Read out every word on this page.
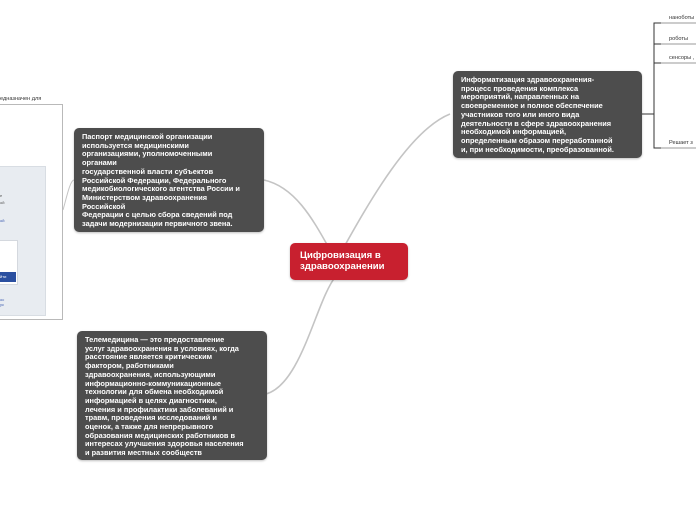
едназначен для
е
ой
ой
йти
ос
ус
Паспорт медицинской организации
используется медицинскими
организациями, уполномоченными
органами
государственной власти субъектов
Российской Федерации, Федерального
медикобиологического агентства России и
Министерством здравоохранения
Российской
Федерации с целью сбора сведений под
задачи модернизации первичного звена.
Телемедицина — это предоставление
услуг здравоохранения в условиях, когда
расстояние является критическим
фактором, работниками
здравоохранения, использующими
информационно-коммуникационные
технологии для обмена необходимой
информацией в целях диагностики,
лечения и профилактики заболеваний и
травм, проведения исследований и
оценок, а также для непрерывного
образования медицинских работников в
интересах улучшения здоровья населения
и развития местных сообществ
Информатизация здравоохранения-
процесс проведения комплекса
мероприятий, направленных на
своевременное и полное обеспечение
участников того или иного вида
деятельности в сфере здравоохранения
необходимой информацией,
определенным образом переработанной
и, при необходимости, преобразованной.
Цифровизация в здравоохранении
наноботы
роботы
сенсоры ,
Решает з
